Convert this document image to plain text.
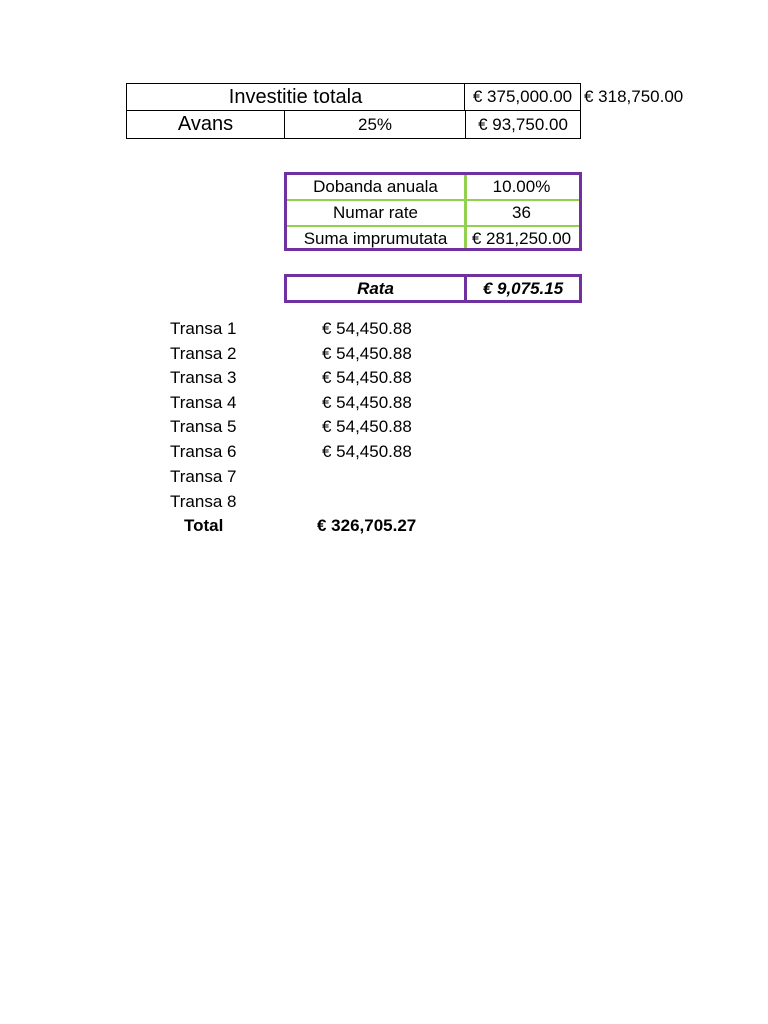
Investitie totala	€ 375,000.00 € 318,750.00
Avans	25%	€ 93,750.00
Dobanda anuala	10.00%
Numar rate	36
Suma imprumutata	€ 281,250.00
Rata	€ 9,075.15
Transa 1	€ 54,450.88
Transa 2	€ 54,450.88
Transa 3	€ 54,450.88
Transa 4	€ 54,450.88
Transa 5	€ 54,450.88
Transa 6	€ 54,450.88
Transa 7
Transa 8
Total	€ 326,705.27
